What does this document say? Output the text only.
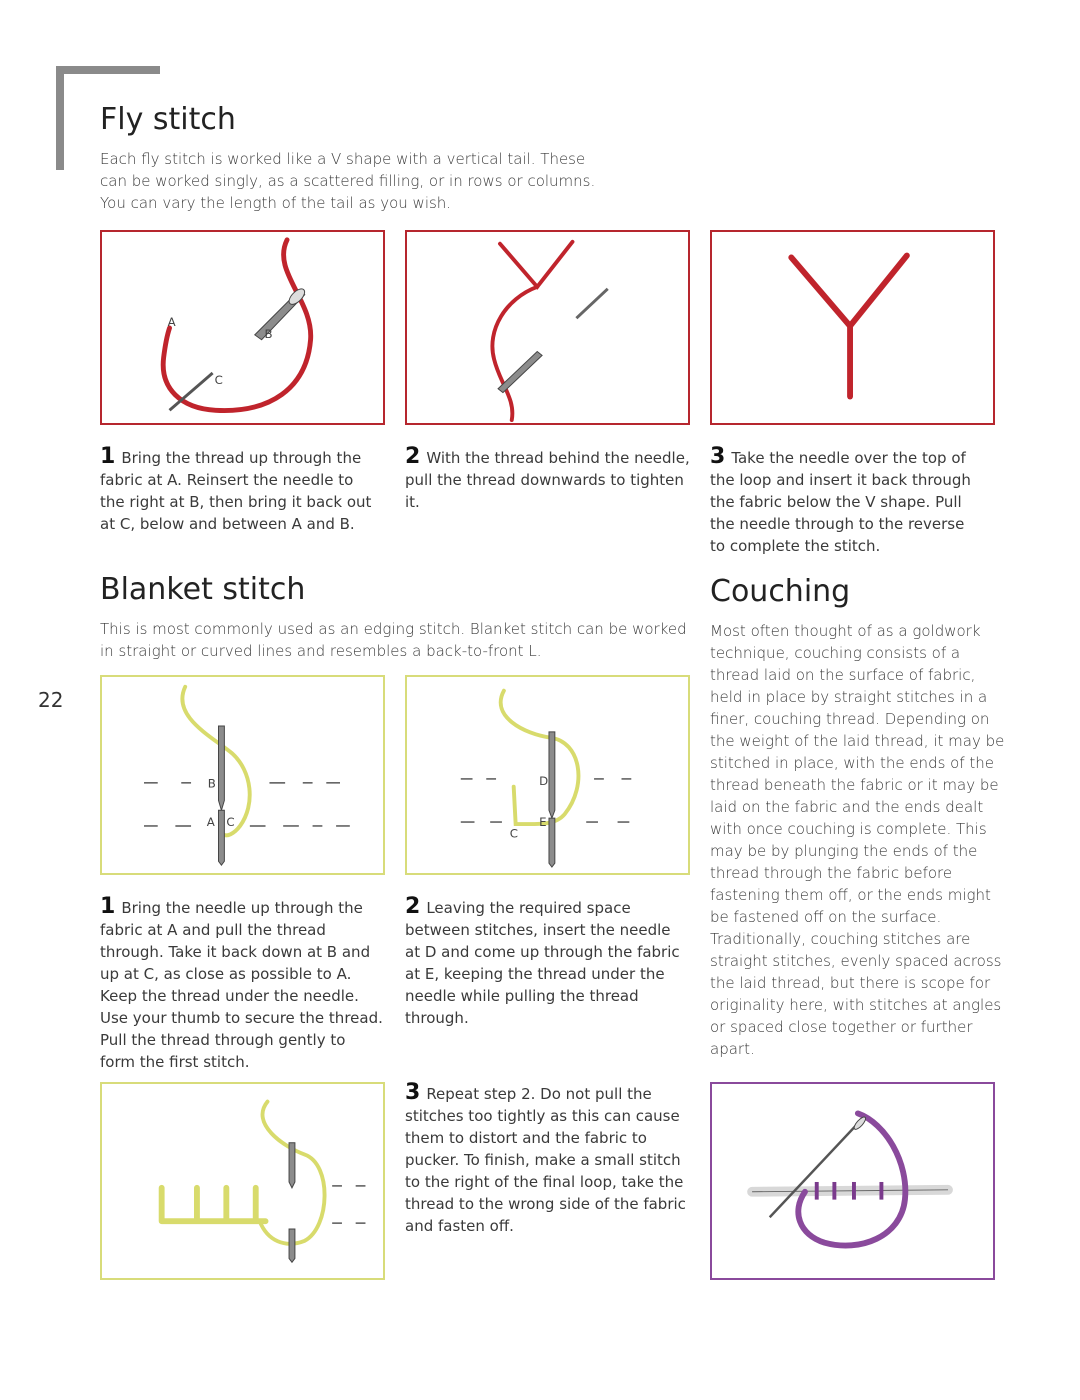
22
Fly stitch

Each fly stitch is worked like a V shape with a vertical tail. These can be worked singly, as a scattered filling, or in rows or columns. You can vary the length of the tail as you wish.

A
B
C

1 Bring the thread up through the fabric at A. Reinsert the needle to the right at B, then bring it back out at C, below and between A and B.

2 With the thread behind the needle, pull the thread downwards to tighten it.

3 Take the needle over the top of the loop and insert it back through the fabric below the V shape. Pull the needle through to the reverse to complete the stitch.

Blanket stitch

This is most commonly used as an edging stitch. Blanket stitch can be worked in straight or curved lines and resembles a back-to-front L.

B
A C
D
E
C

1 Bring the needle up through the fabric at A and pull the thread through. Take it back down at B and up at C, as close as possible to A. Keep the thread under the needle. Use your thumb to secure the thread. Pull the thread through gently to form the first stitch.

2 Leaving the required space between stitches, insert the needle at D and come up through the fabric at E, keeping the thread under the needle while pulling the thread through.

3 Repeat step 2. Do not pull the stitches too tightly as this can cause them to distort and the fabric to pucker. To finish, make a small stitch to the right of the final loop, take the thread to the wrong side of the fabric and fasten off.

Couching

Most often thought of as a goldwork technique, couching consists of a thread laid on the surface of fabric, held in place by straight stitches in a finer, couching thread. Depending on the weight of the laid thread, it may be stitched in place, with the ends of the thread beneath the fabric or it may be laid on the fabric and the ends dealt with once couching is complete. This may be by plunging the ends of the thread through the fabric before fastening them off, or the ends might be fastened off on the surface. Traditionally, couching stitches are straight stitches, evenly spaced across the laid thread, but there is scope for originality here, with stitches at angles or spaced close together or further apart.
